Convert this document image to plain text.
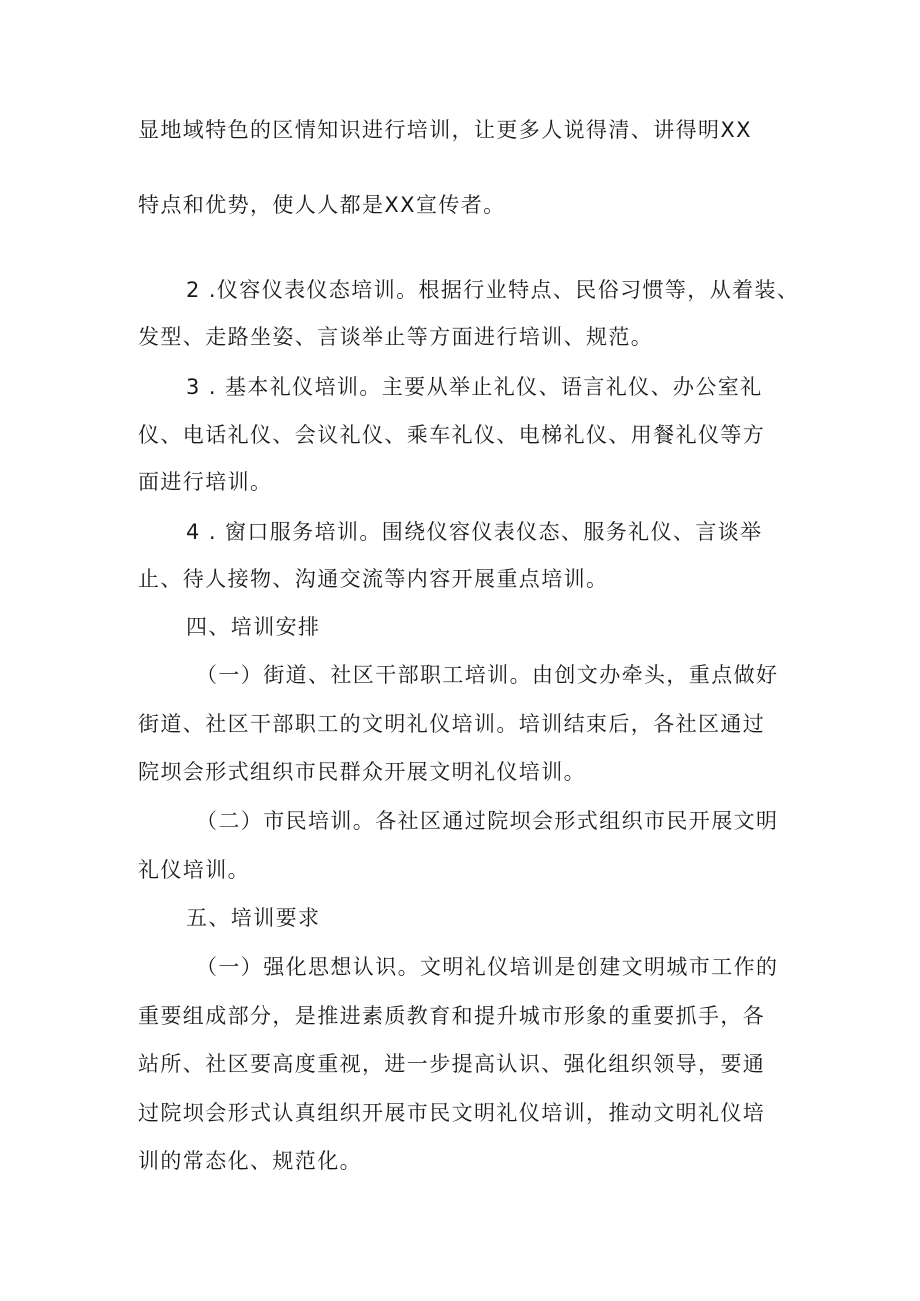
显地域特色的区情知识进行培训，让更多人说得清、讲得明XX

特点和优势，使人人都是XX宣传者。

2 .仪容仪表仪态培训。根据行业特点、民俗习惯等，从着装、

发型、走路坐姿、言谈举止等方面进行培训、规范。

3 . 基本礼仪培训。主要从举止礼仪、语言礼仪、办公室礼

仪、电话礼仪、会议礼仪、乘车礼仪、电梯礼仪、用餐礼仪等方

面进行培训。

4 . 窗口服务培训。围绕仪容仪表仪态、服务礼仪、言谈举

止、待人接物、沟通交流等内容开展重点培训。

四、培训安排

（一）街道、社区干部职工培训。由创文办牵头，重点做好

街道、社区干部职工的文明礼仪培训。培训结束后，各社区通过

院坝会形式组织市民群众开展文明礼仪培训。

（二）市民培训。各社区通过院坝会形式组织市民开展文明

礼仪培训。

五、培训要求

（一）强化思想认识。文明礼仪培训是创建文明城市工作的

重要组成部分，是推进素质教育和提升城市形象的重要抓手，各

站所、社区要高度重视，进一步提高认识、强化组织领导，要通

过院坝会形式认真组织开展市民文明礼仪培训，推动文明礼仪培

训的常态化、规范化。
